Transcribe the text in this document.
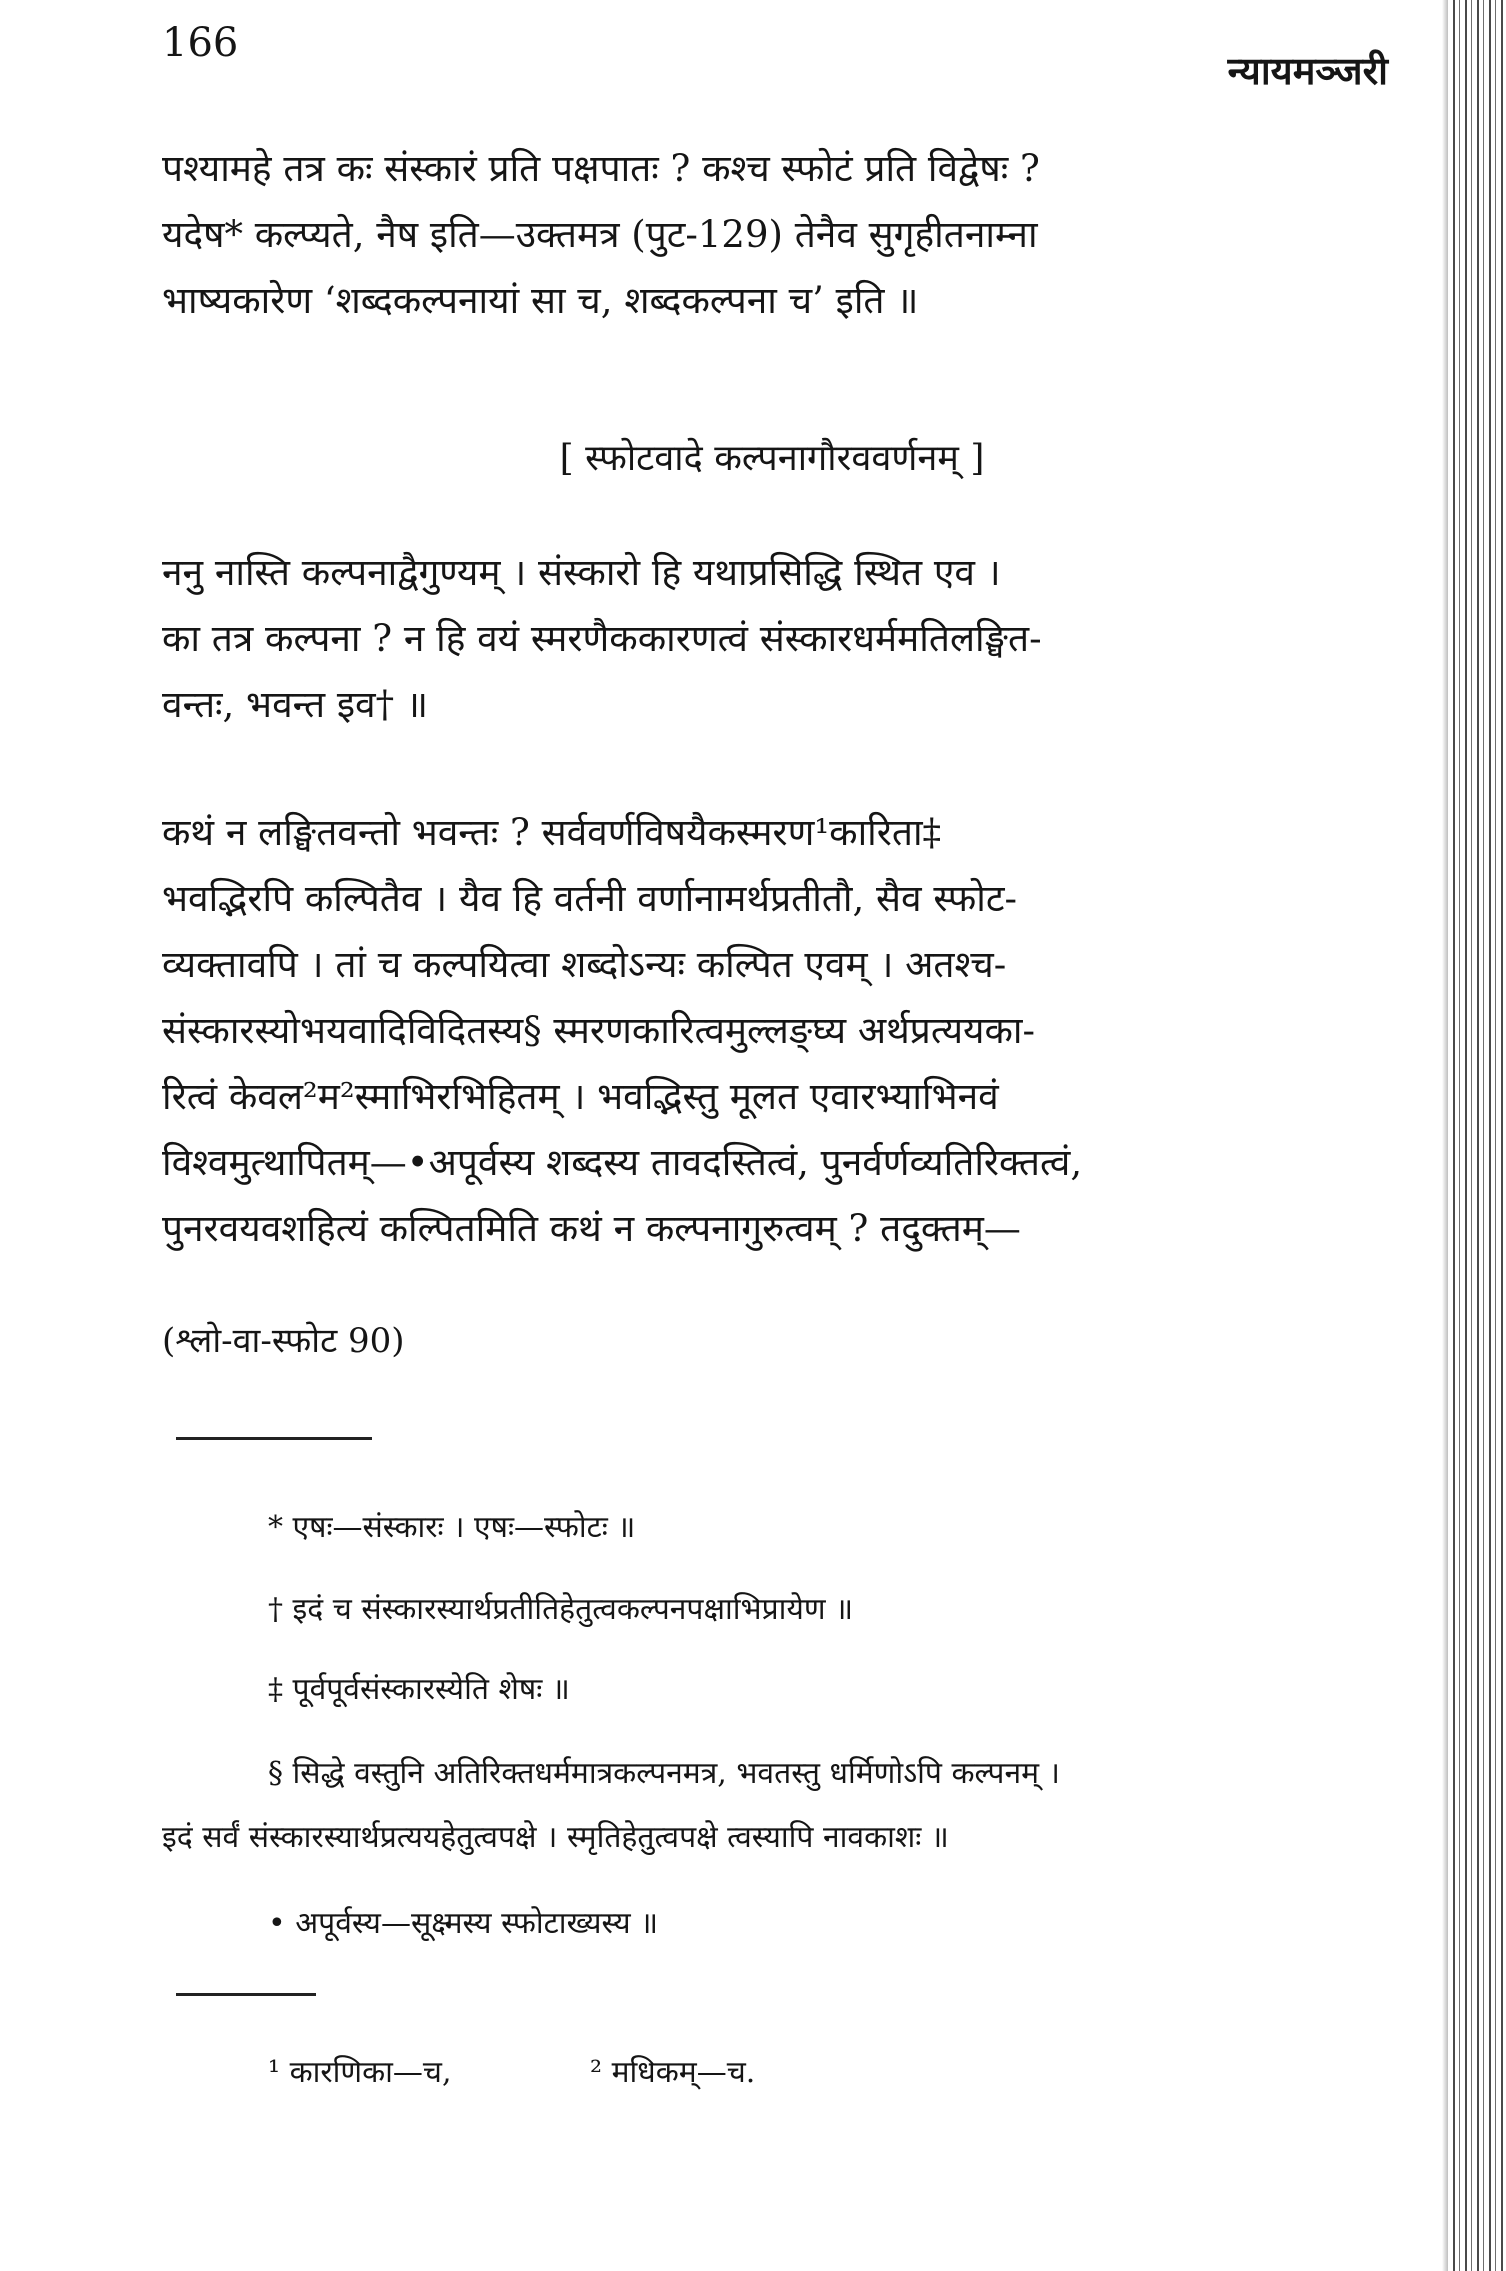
166

न्यायमञ्जरी

पश्यामहे तत्र कः संस्कारं प्रति पक्षपातः ? कश्च स्फोटं प्रति विद्वेषः ?
यदेष* कल्प्यते, नैष इति—उक्तमत्र (पुट-129) तेनैव सुगृहीतनाम्ना
भाष्यकारेण ‘शब्दकल्पनायां सा च, शब्दकल्पना च’ इति ॥

[ स्फोटवादे कल्पनागौरववर्णनम् ]

ननु नास्ति कल्पनाद्वैगुण्यम् । संस्कारो हि यथाप्रसिद्धि स्थित एव ।
का तत्र कल्पना ? न हि वयं स्मरणैककारणत्वं संस्कारधर्ममतिलङ्घित-
वन्तः, भवन्त इव† ॥

कथं न लङ्घितवन्तो भवन्तः ? सर्ववर्णविषयैकस्मरण¹कारिता‡
भवद्भिरपि कल्पितैव । यैव हि वर्तनी वर्णानामर्थप्रतीतौ, सैव स्फोट-
व्यक्तावपि । तां च कल्पयित्वा शब्दोऽन्यः कल्पित एवम् । अतश्च-
संस्कारस्योभयवादिविदितस्य§ स्मरणकारित्वमुल्लङ्घ्य अर्थप्रत्ययका-
रित्वं केवल²म²स्माभिरभिहितम् । भवद्भिस्तु मूलत एवारभ्याभिनवं
विश्वमुत्थापितम्—•अपूर्वस्य शब्दस्य तावदस्तित्वं, पुनर्वर्णव्यतिरिक्तत्वं,
पुनरवयवशहित्यं कल्पितमिति कथं न कल्पनागुरुत्वम् ? तदुक्तम्—

(श्लो-वा-स्फोट 90)

* एषः—संस्कारः । एषः—स्फोटः ॥

† इदं च संस्कारस्यार्थप्रतीतिहेतुत्वकल्पनपक्षाभिप्रायेण ॥

‡ पूर्वपूर्वसंस्कारस्येति शेषः ॥

§ सिद्धे वस्तुनि अतिरिक्तधर्ममात्रकल्पनमत्र, भवतस्तु धर्मिणोऽपि कल्पनम् ।

इदं सर्वं संस्कारस्यार्थप्रत्ययहेतुत्वपक्षे । स्मृतिहेतुत्वपक्षे त्वस्यापि नावकाशः ॥

• अपूर्वस्य—सूक्ष्मस्य स्फोटाख्यस्य ॥

¹ कारणिका—च,	² मधिकम्—च.
